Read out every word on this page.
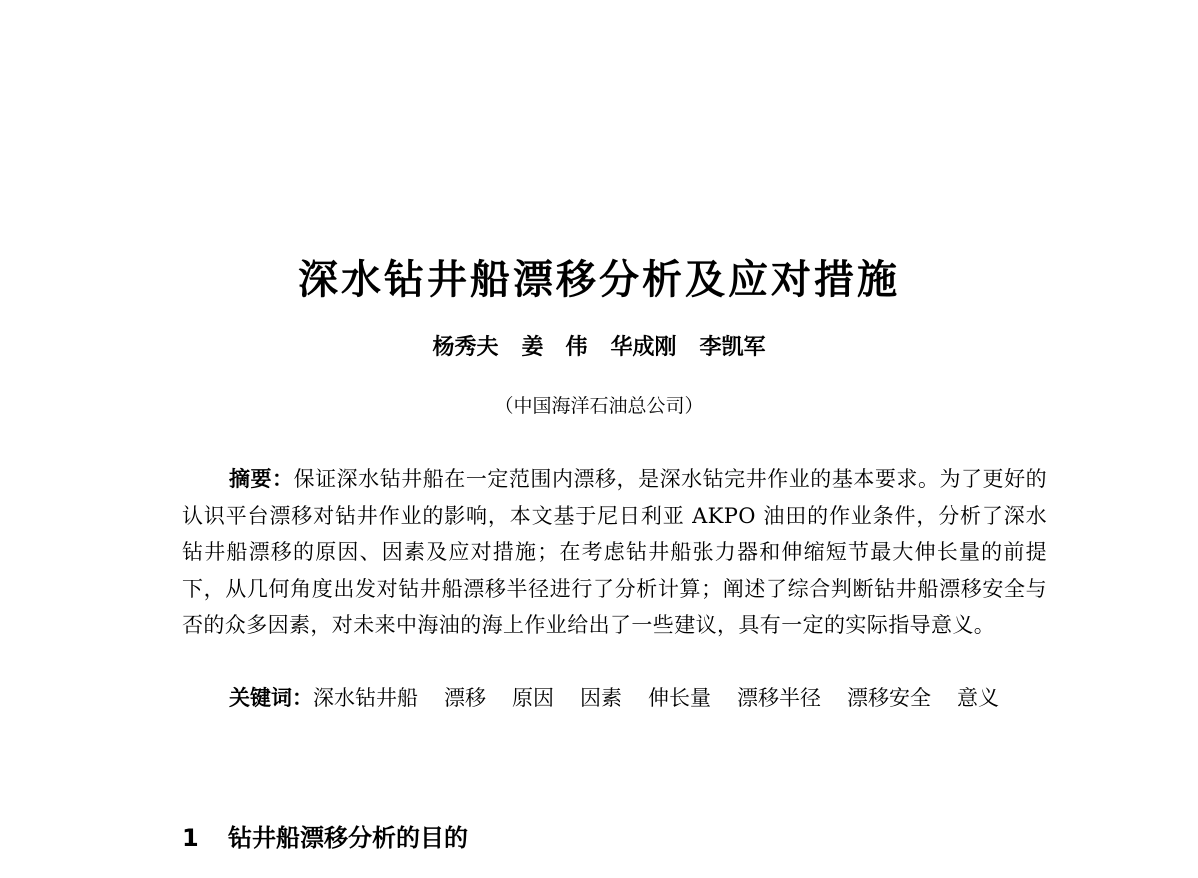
深水钻井船漂移分析及应对措施
杨秀夫 姜　伟 华成刚 李凯军
（中国海洋石油总公司）
摘要：保证深水钻井船在一定范围内漂移，是深水钻完井作业的基本要求。为了更好的认识平台漂移对钻井作业的影响，本文基于尼日利亚 AKPO 油田的作业条件，分析了深水钻井船漂移的原因、因素及应对措施；在考虑钻井船张力器和伸缩短节最大伸长量的前提下，从几何角度出发对钻井船漂移半径进行了分析计算；阐述了综合判断钻井船漂移安全与否的众多因素，对未来中海油的海上作业给出了一些建议，具有一定的实际指导意义。
关键词：深水钻井船 漂移 原因 因素 伸长量 漂移半径 漂移安全 意义
1 钻井船漂移分析的目的
